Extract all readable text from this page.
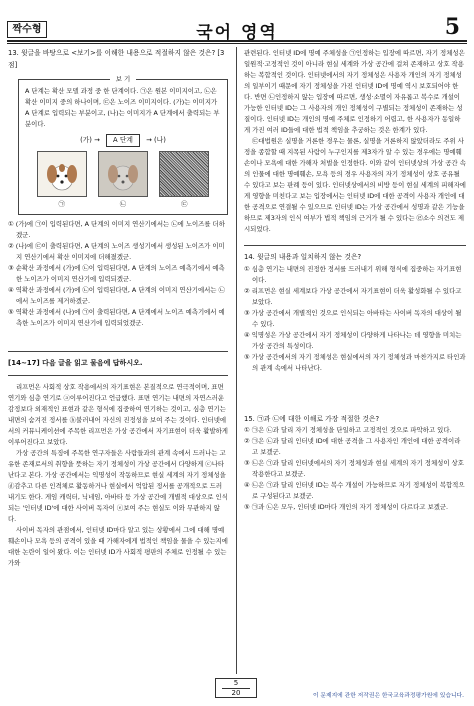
짝수형	국어 영역	5

13. 윗글을 바탕으로 <보기>를 이해한 내용으로 적절하지 않은 것은? [3점]

보 기

A 단계는 확산 모델 과정 중 한 단계이다. ㉠은 원본 이미지이고, ㉡은 확산 이미지 중의 하나이며, ㉢은 노이즈 이미지이다. (가)는 이미지가 A 단계로 입력되는 부분이고, (나)는 이미지가 A 단계에서 출력되는 부분이다.

(가) → A 단계 → (나)
㉠	㉡	㉢

① (가)에 ㉠이 입력된다면, A 단계의 이미지 연산기에서는 ㉡에 노이즈를 더하겠군.

② (나)에 ㉢이 출력된다면, A 단계의 노이즈 생성기에서 생성된 노이즈가 이미지 연산기에서 확산 이미지에 더해졌겠군.

③ 순확산 과정에서 (가)에 ㉡이 입력된다면, A 단계의 노이즈 예측기에서 예측한 노이즈가 이미지 연산기에 입력되겠군.

④ 역확산 과정에서 (가)에 ㉡이 입력된다면, A 단계의 이미지 연산기에서는 ㉡에서 노이즈를 제거하겠군.

⑤ 역확산 과정에서 (나)에 ㉠이 출력된다면, A 단계에서 노이즈 예측기에서 예측한 노이즈가 이미지 연산기에 입력되었겠군.

[14~17] 다음 글을 읽고 물음에 답하시오.

리프먼은 사회적 상호 작용에서의 자기표현은 본질적으로 연극적이며, 표면 연기와 심층 연기로 ⓐ이루어진다고 언급했다. 표면 연기는 내면의 자연스러운 감정보다 외재적인 표현과 같은 형식에 집중하여 연기하는 것이고, 심층 연기는 내면의 숨겨진 정서를 ⓑ불러내어 자신의 진정성을 보여 주는 것이다. 인터넷에서의 커뮤니케이션에 주목한 리프먼은 가상 공간에서 자기표현이 더욱 활발하게 이루어진다고 보았다.

가상 공간의 특징에 주목한 연구자들은 사람들과의 관계 속에서 드러나는 고유한 존재로서의 취향을 뜻하는 자기 정체성이 가상 공간에서 다양하게 ⓒ나타난다고 본다. 가상 공간에서는 익명성이 작동하므로 현실 세계의 자기 정체성을 ⓓ감추고 다른 인격체로 활동하거나 현실에서 억압된 정서를 공개적으로 드러내기도 한다. 게임 캐릭터, 닉네임, 아바타 등 가상 공간에 개별적 대상으로 인식되는 '인터넷 ID'에 대한 사이버 독자이 ⓔ보여 주는 현실도 이와 무관하지 않다.

사이버 독자의 관점에서, 인터넷 ID마다 알고 있는 상황에서 그에 대해 명예훼손이나 모욕 등의 공격이 있을 때 가해자에게 법적인 책임을 물을 수 있는지에 대한 논란이 일어 왔다. 이는 인터넷 ID가 사회적 평판의 주체로 인정될 수 있는가와

관련된다. 인터넷 ID에 명예 주체성을 ㉠인정하는 입장에 따르면, 자기 정체성은 일원적·고정적인 것이 아니라 현실 세계와 가상 공간에 걸쳐 존재하고 상호 작용하는 복합적인 것이다. 인터넷에서의 자기 정체성은 사용자 개인의 자기 정체성의 일부이기 때문에 자기 정체성을 가진 인터넷 ID에 명예 역시 보호되어야 한다. 반면 ㉡인정하지 않는 입장에 따르면, 생성·소멸이 자유롭고 복수로 개설이 가능한 인터넷 ID는 그 사용자의 개인 정체성이 구별되는 정체성이 존재하는 성질이다. 인터넷 ID는 개인의 명예 주체로 인정하기 어렵고, 한 사용자가 동일하게 가진 여러 ID들에 대한 법적 책임을 추궁하는 것은 한계가 있다.

㉢대법원은 실명을 거론한 경우는 물론, 실명을 거론하지 않았더라도 주위 사정을 종합할 때 지목된 사람이 누구인지를 제3자가 알 수 있는 경우에는 명예훼손이나 모욕에 대한 가해자 처벌을 인정한다. 이와 같이 인터넷상의 가상 공간 속의 인물에 대한 명예훼손, 모욕 등의 경우 사용자의 자기 정체성이 상호 공유될 수 있다고 보는 판례 등이 있다. 인터넷상에서의 비방 등이 현실 세계의 피해자에게 영향을 미친다고 보는 입장에서는 인터넷 ID에 대한 공격이 사용자 개인에 대한 공격으로 연결될 수 있으므로 인터넷 ID는 가상 공간에서 성명과 같은 기능을 하므로 제3자의 인식 여부가 법적 책임의 근거가 될 수 있다는 ㉣소수 의견도 제시되었다.

14. 윗글의 내용과 일치하지 않는 것은?

① 심층 연기는 내면의 진정한 정서를 드러내기 위해 형식에 집중하는 자기표현이다.

② 리프먼은 현실 세계보다 가상 공간에서 자기표현이 더욱 활성화될 수 있다고 보았다.

③ 가상 공간에서 개별적인 것으로 인식되는 아바타는 사이버 독자의 대상이 될 수 있다.

④ 익명성은 가상 공간에서 자기 정체성이 다양하게 나타나는 데 영향을 미치는 가상 공간의 특성이다.

⑤ 가상 공간에서의 자기 정체성은 현실에서의 자기 정체성과 마찬가지로 타인과의 관계 속에서 나타난다.

15. ㉠과 ㉡에 대한 이해로 가장 적절한 것은?

① ㉠은 ㉡과 달리 자기 정체성을 단일하고 고정적인 것으로 파악하고 있다.

② ㉠은 ㉡과 달리 인터넷 ID에 대한 공격을 그 사용자인 개인에 대한 공격이라고 보겠군.

③ ㉡은 ㉠과 달리 인터넷에서의 자기 정체성과 현실 세계의 자기 정체성이 상호 작용한다고 보겠군.

④ ㉡은 ㉠과 달리 인터넷 ID는 복수 개설이 가능하므로 자기 정체성이 복합적으로 구성된다고 보겠군.

⑤ ㉠과 ㉡은 모두, 인터넷 ID마다 개인의 자기 정체성이 다르다고 보겠군.

5
20	이 문제지에 관한 저작권은 한국교육과정평가원에 있습니다.
